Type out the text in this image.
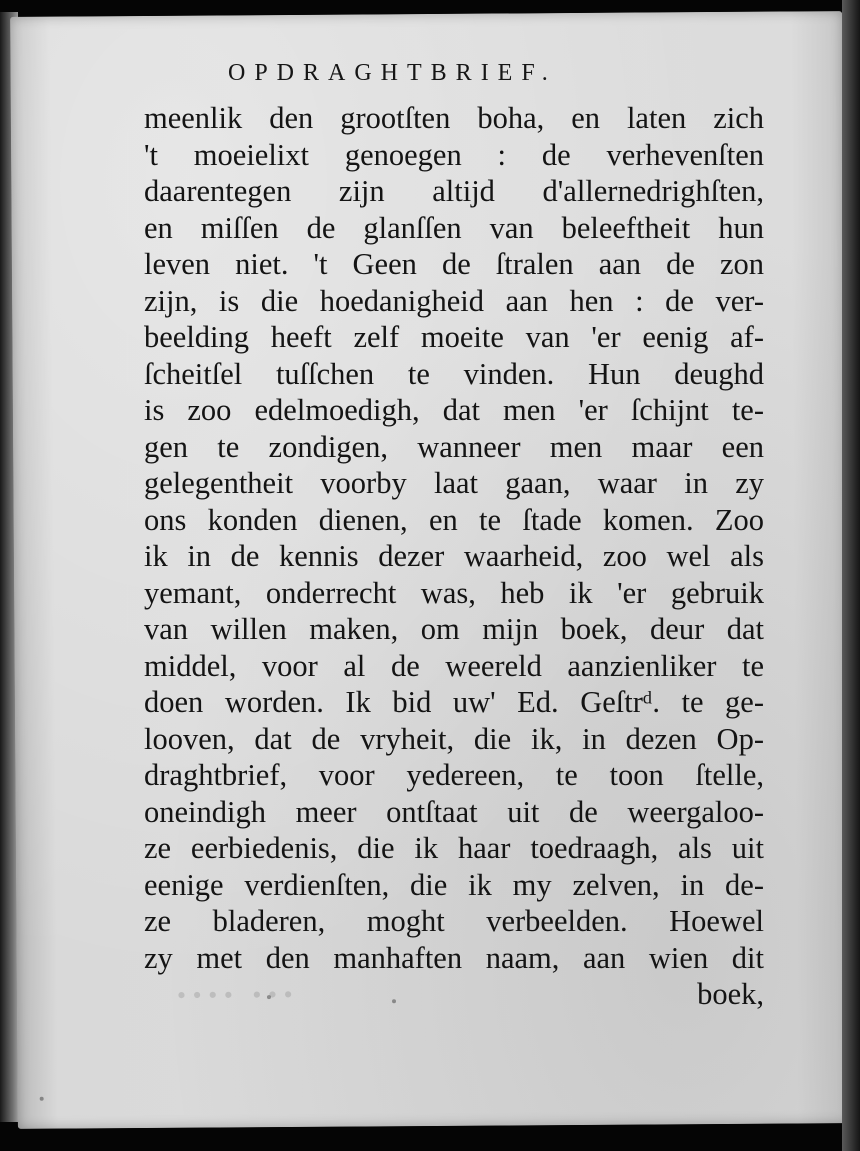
• • • •   • • •
OPDRAGHTBRIEF.
meenlik den grootſten boha, en laten zich
't moeielixt genoegen : de verhevenſten
daarentegen zijn altijd d'allernedrighſten,
en miſſen de glanſſen van beleeftheit hun
leven niet. 't Geen de ſtralen aan de zon
zijn, is die hoedanigheid aan hen : de ver-
beelding heeft zelf moeite van 'er eenig af-
ſcheitſel tuſſchen te vinden. Hun deughd
is zoo edelmoedigh, dat men 'er ſchijnt te-
gen te zondigen, wanneer men maar een
gelegentheit voorby laat gaan, waar in zy
ons konden dienen, en te ſtade komen. Zoo
ik in de kennis dezer waarheid, zoo wel als
yemant, onderrecht was, heb ik 'er gebruik
van willen maken, om mijn boek, deur dat
middel, voor al de weereld aanzienliker te
doen worden. Ik bid uw' Ed. Geſtrᵈ. te ge-
looven, dat de vryheit, die ik, in dezen Op-
draghtbrief, voor yedereen, te toon ſtelle,
oneindigh meer ontſtaat uit de weergaloo-
ze eerbiedenis, die ik haar toedraagh, als uit
eenige verdienſten, die ik my zelven, in de-
ze bladeren, moght verbeelden. Hoewel
zy met den manhaften naam, aan wien dit
boek,
